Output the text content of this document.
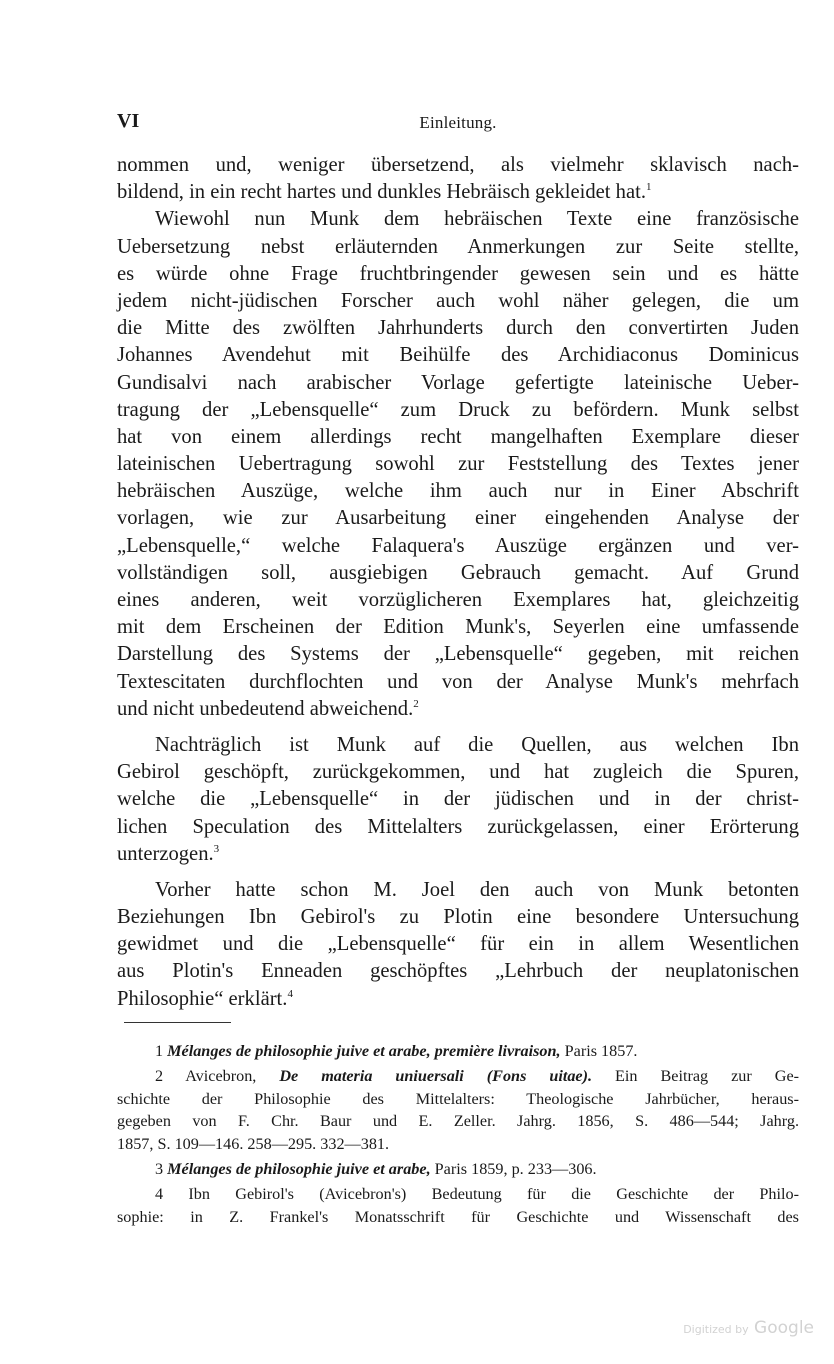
VI	Einleitung.
nommen und, weniger übersetzend, als vielmehr sklavisch nach-
bildend, in ein recht hartes und dunkles Hebräisch gekleidet hat.$^1$
Wiewohl nun Munk dem hebräischen Texte eine französische
Uebersetzung nebst erläuternden Anmerkungen zur Seite stellte,
es würde ohne Frage fruchtbringender gewesen sein und es hätte
jedem nicht-jüdischen Forscher auch wohl näher gelegen, die um
die Mitte des zwölften Jahrhunderts durch den convertirten Juden
Johannes Avendehut mit Beihülfe des Archidiaconus Dominicus
Gundisalvi nach arabischer Vorlage gefertigte lateinische Ueber-
tragung der „Lebensquelle“ zum Druck zu befördern. Munk selbst
hat von einem allerdings recht mangelhaften Exemplare dieser
lateinischen Uebertragung sowohl zur Feststellung des Textes jener
hebräischen Auszüge, welche ihm auch nur in Einer Abschrift
vorlagen, wie zur Ausarbeitung einer eingehenden Analyse der
„Lebensquelle,“ welche Falaquera's Auszüge ergänzen und ver-
vollständigen soll, ausgiebigen Gebrauch gemacht. Auf Grund
eines anderen, weit vorzüglicheren Exemplares hat, gleichzeitig
mit dem Erscheinen der Edition Munk's, Seyerlen eine umfassende
Darstellung des Systems der „Lebensquelle“ gegeben, mit reichen
Textescitaten durchflochten und von der Analyse Munk's mehrfach
und nicht unbedeutend abweichend.$^2$
Nachträglich ist Munk auf die Quellen, aus welchen Ibn
Gebirol geschöpft, zurückgekommen, und hat zugleich die Spuren,
welche die „Lebensquelle“ in der jüdischen und in der christ-
lichen Speculation des Mittelalters zurückgelassen, einer Erörterung
unterzogen.$^3$
Vorher hatte schon M. Joel den auch von Munk betonten
Beziehungen Ibn Gebirol's zu Plotin eine besondere Untersuchung
gewidmet und die „Lebensquelle“ für ein in allem Wesentlichen
aus Plotin's Enneaden geschöpftes „Lehrbuch der neuplatonischen
Philosophie“ erklärt.$^4$
1 Mélanges de philosophie juive et arabe, première livraison, Paris 1857.
2 Avicebron, De materia uniuersali (Fons uitae). Ein Beitrag zur Ge-
schichte der Philosophie des Mittelalters: Theologische Jahrbücher, heraus-
gegeben von F. Chr. Baur und E. Zeller. Jahrg. 1856, S. 486—544; Jahrg.
1857, S. 109—146. 258—295. 332—381.
3 Mélanges de philosophie juive et arabe, Paris 1859, p. 233—306.
4 Ibn Gebirol's (Avicebron's) Bedeutung für die Geschichte der Philo-
sophie: in Z. Frankel's Monatsschrift für Geschichte und Wissenschaft des
Digitized by Google
